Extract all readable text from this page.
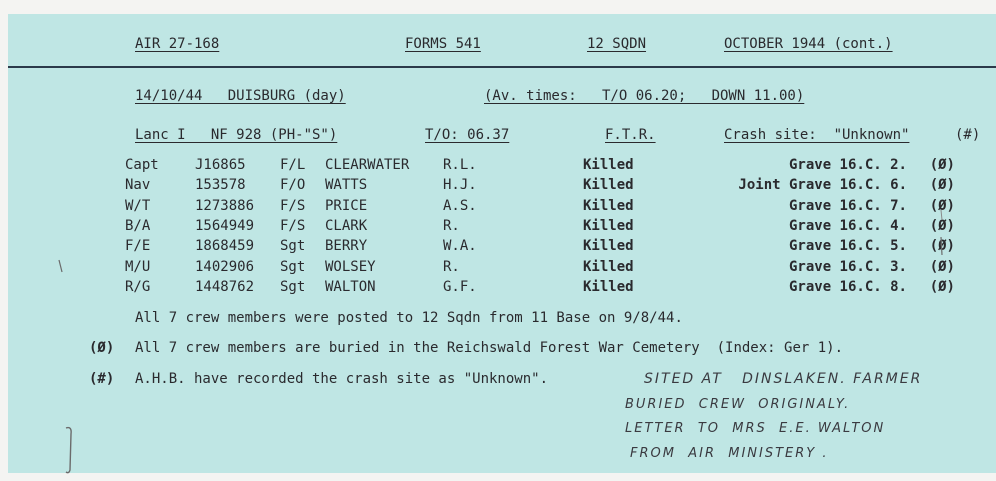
AIR 27-168	FORMS 541	12 SQDN	OCTOBER 1944 (cont.)
14/10/44   DUISBURG (day)	(Av. times:   T/O 06.20;   DOWN 11.00)
Lanc I   NF 928 (PH-"S")	T/O: 06.37	F.T.R.	Crash site:  "Unknown"	(#)
Capt	J16865	F/L	CLEARWATER	R.L.	Killed	Grave 16.C. 2.	(Ø)
Nav	153578	F/O	WATTS	H.J.	Killed	Joint Grave 16.C. 6.	(Ø)
W/T	1273886	F/S	PRICE	A.S.	Killed	Grave 16.C. 7.	(Ø)
B/A	1564949	F/S	CLARK	R.	Killed	Grave 16.C. 4.	(Ø)
F/E	1868459	Sgt	BERRY	W.A.	Killed	Grave 16.C. 5.	(Ø)
M/U	1402906	Sgt	WOLSEY	R.	Killed	Grave 16.C. 3.	(Ø)
R/G	1448762	Sgt	WALTON	G.F.	Killed	Grave 16.C. 8.	(Ø)
All 7 crew members were posted to 12 Sqdn from 11 Base on 9/8/44.
(Ø) All 7 crew members are buried in the Reichswald Forest War Cemetery  (Index: Ger 1).
(#) A.H.B. have recorded the crash site as "Unknown".	SITED AT   DINSLAKEN. FARMER
BURIED  CREW  ORIGINALY.
LETTER  TO  MRS  E.E. WALTON
FROM  AIR  MINISTERY .
